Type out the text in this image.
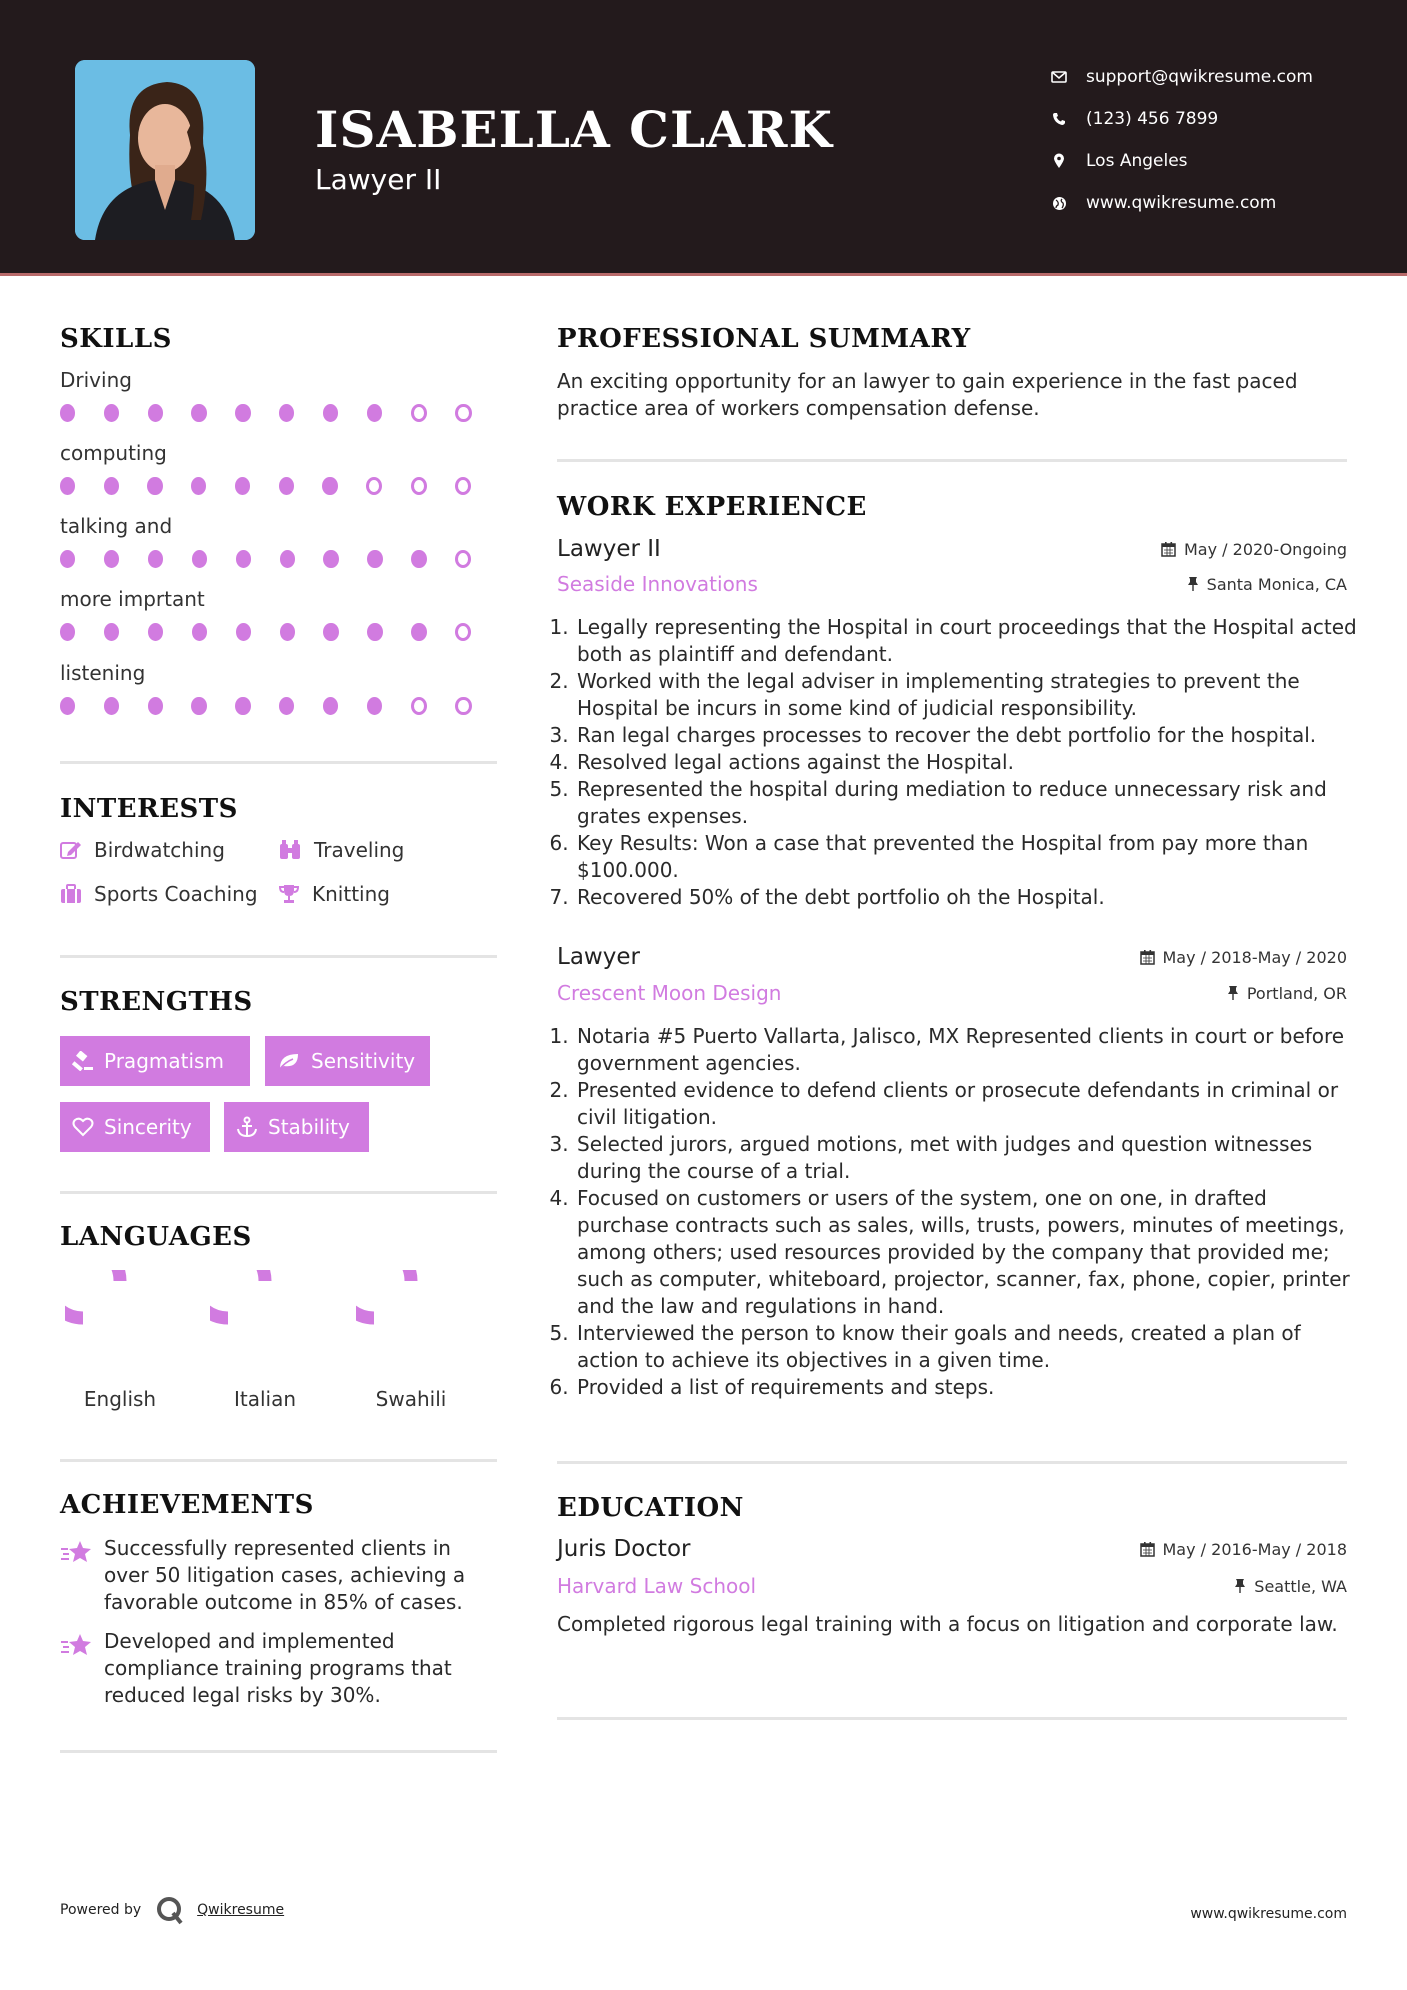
ISABELLA CLARK
Lawyer II
support@qwikresume.com
(123) 456 7899
Los Angeles
www.qwikresume.com
SKILLS
Driving
computing
talking and
more imprtant
listening
INTERESTS
Birdwatching	Traveling
Sports Coaching	Knitting
STRENGTHS
Pragmatism	Sensitivity
Sincerity	Stability
LANGUAGES
English	Italian	Swahili
ACHIEVEMENTS
Successfully represented clients in over 50 litigation cases, achieving a favorable outcome in 85% of cases.
Developed and implemented compliance training programs that reduced legal risks by 30%.
PROFESSIONAL SUMMARY
An exciting opportunity for an lawyer to gain experience in the fast paced practice area of workers compensation defense.
WORK EXPERIENCE
Lawyer II	May / 2020-Ongoing
Seaside Innovations	Santa Monica, CA
1. Legally representing the Hospital in court proceedings that the Hospital acted both as plaintiff and defendant.
2. Worked with the legal adviser in implementing strategies to prevent the Hospital be incurs in some kind of judicial responsibility.
3. Ran legal charges processes to recover the debt portfolio for the hospital.
4. Resolved legal actions against the Hospital.
5. Represented the hospital during mediation to reduce unnecessary risk and grates expenses.
6. Key Results: Won a case that prevented the Hospital from pay more than $100.000.
7. Recovered 50% of the debt portfolio oh the Hospital.
Lawyer	May / 2018-May / 2020
Crescent Moon Design	Portland, OR
1. Notaria #5 Puerto Vallarta, Jalisco, MX Represented clients in court or before government agencies.
2. Presented evidence to defend clients or prosecute defendants in criminal or civil litigation.
3. Selected jurors, argued motions, met with judges and question witnesses during the course of a trial.
4. Focused on customers or users of the system, one on one, in drafted purchase contracts such as sales, wills, trusts, powers, minutes of meetings, among others; used resources provided by the company that provided me; such as computer, whiteboard, projector, scanner, fax, phone, copier, printer and the law and regulations in hand.
5. Interviewed the person to know their goals and needs, created a plan of action to achieve its objectives in a given time.
6. Provided a list of requirements and steps.
EDUCATION
Juris Doctor	May / 2016-May / 2018
Harvard Law School	Seattle, WA
Completed rigorous legal training with a focus on litigation and corporate law.
Powered by	Qwikresume	www.qwikresume.com
